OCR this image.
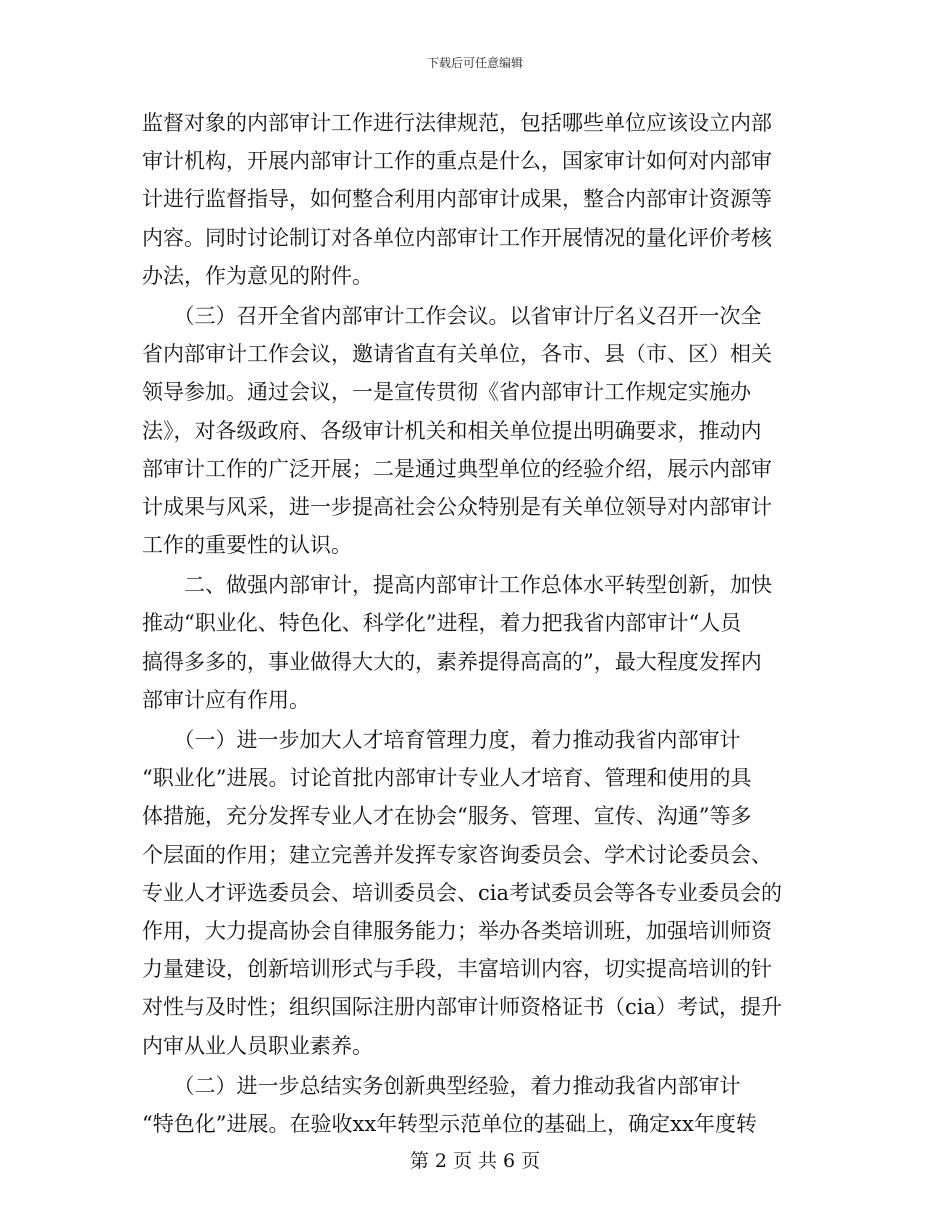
下载后可任意编辑
监督对象的内部审计工作进行法律规范，包括哪些单位应该设立内部
审计机构，开展内部审计工作的重点是什么，国家审计如何对内部审
计进行监督指导，如何整合利用内部审计成果，整合内部审计资源等
内容。同时讨论制订对各单位内部审计工作开展情况的量化评价考核
办法，作为意见的附件。
　　（三）召开全省内部审计工作会议。以省审计厅名义召开一次全
省内部审计工作会议，邀请省直有关单位，各市、县（市、区）相关
领导参加。通过会议，一是宣传贯彻《省内部审计工作规定实施办
法》，对各级政府、各级审计机关和相关单位提出明确要求，推动内
部审计工作的广泛开展；二是通过典型单位的经验介绍，展示内部审
计成果与风采，进一步提高社会公众特别是有关单位领导对内部审计
工作的重要性的认识。
　　二、做强内部审计，提高内部审计工作总体水平转型创新，加快
推动“职业化、特色化、科学化”进程，着力把我省内部审计“人员
搞得多多的，事业做得大大的，素养提得高高的”，最大程度发挥内
部审计应有作用。
　　（一）进一步加大人才培育管理力度，着力推动我省内部审计
“职业化”进展。讨论首批内部审计专业人才培育、管理和使用的具
体措施，充分发挥专业人才在协会“服务、管理、宣传、沟通”等多
个层面的作用；建立完善并发挥专家咨询委员会、学术讨论委员会、
专业人才评选委员会、培训委员会、cia考试委员会等各专业委员会的
作用，大力提高协会自律服务能力；举办各类培训班，加强培训师资
力量建设，创新培训形式与手段，丰富培训内容，切实提高培训的针
对性与及时性；组织国际注册内部审计师资格证书（cia）考试，提升
内审从业人员职业素养。
　　（二）进一步总结实务创新典型经验，着力推动我省内部审计
“特色化”进展。在验收xx年转型示范单位的基础上，确定xx年度转
第 2 页 共 6 页
